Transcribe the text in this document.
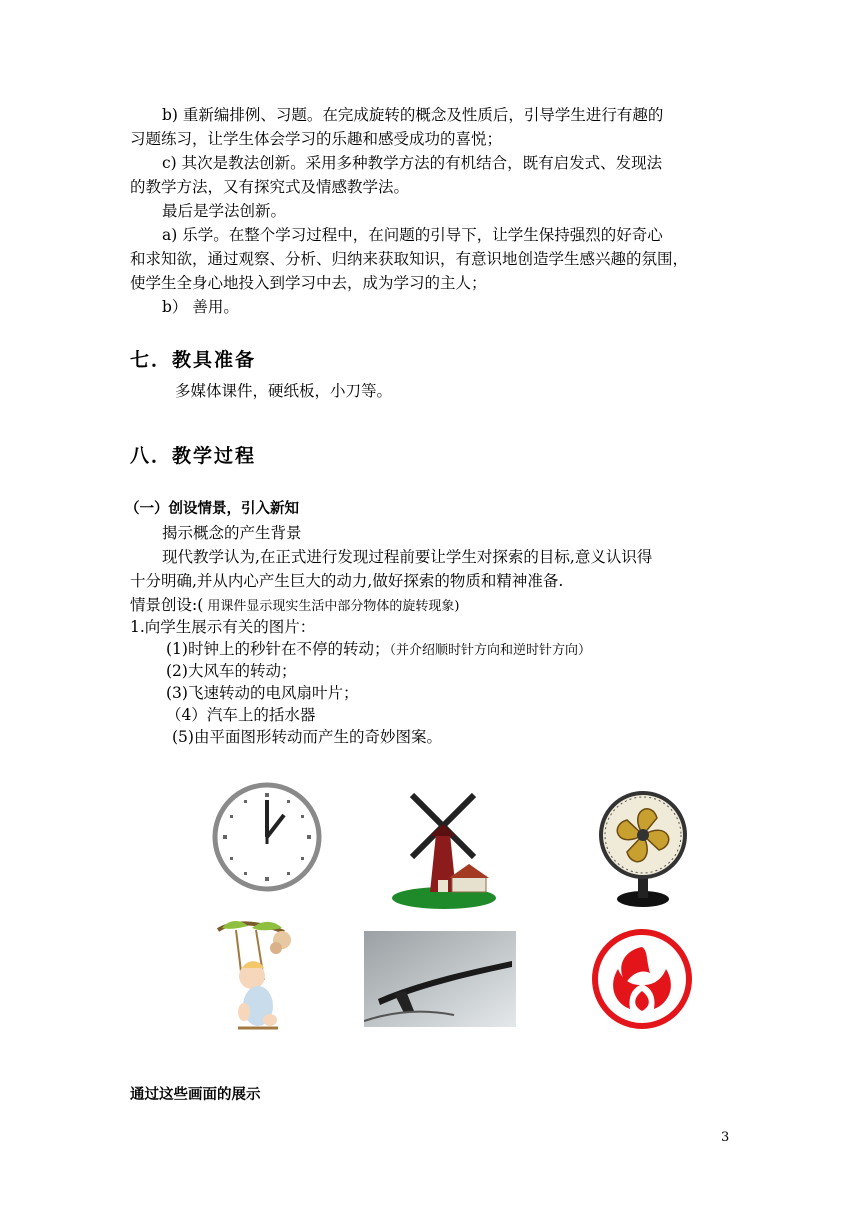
b) 重新编排例、习题。在完成旋转的概念及性质后，引导学生进行有趣的
习题练习，让学生体会学习的乐趣和感受成功的喜悦；
c) 其次是教法创新。采用多种教学方法的有机结合，既有启发式、发现法
的教学方法，又有探究式及情感教学法。
最后是学法创新。
a) 乐学。在整个学习过程中，在问题的引导下，让学生保持强烈的好奇心
和求知欲，通过观察、分析、归纳来获取知识，有意识地创造学生感兴趣的氛围，
使学生全身心地投入到学习中去，成为学习的主人；
b） 善用。
七．教具准备
多媒体课件，硬纸板，小刀等。
八．教学过程
（一）创设情景，引入新知
揭示概念的产生背景
现代教学认为,在正式进行发现过程前要让学生对探索的目标,意义认识得
十分明确,并从内心产生巨大的动力,做好探索的物质和精神准备.
情景创设:( 用课件显示现实生活中部分物体的旋转现象)
1.向学生展示有关的图片：
(1)时钟上的秒针在不停的转动；（并介绍顺时针方向和逆时针方向）
(2)大风车的转动；
(3)飞速转动的电风扇叶片；
（4）汽车上的括水器
(5)由平面图形转动而产生的奇妙图案。
通过这些画面的展示
3
